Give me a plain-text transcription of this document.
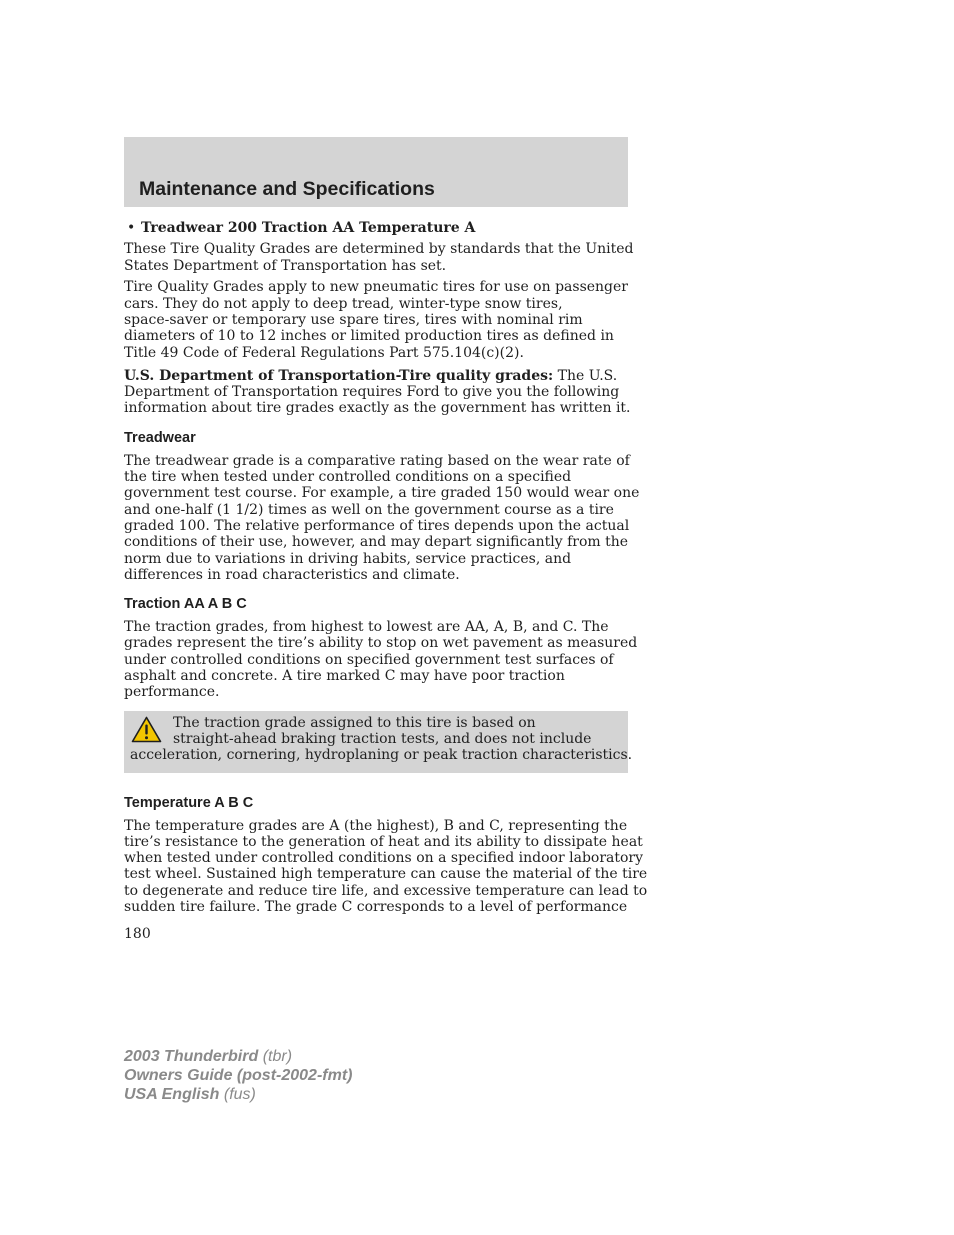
Maintenance and Specifications
• Treadwear 200 Traction AA Temperature A

These Tire Quality Grades are determined by standards that the United
States Department of Transportation has set.

Tire Quality Grades apply to new pneumatic tires for use on passenger
cars. They do not apply to deep tread, winter-type snow tires,
space-saver or temporary use spare tires, tires with nominal rim
diameters of 10 to 12 inches or limited production tires as defined in
Title 49 Code of Federal Regulations Part 575.104(c)(2).

U.S. Department of Transportation-Tire quality grades: The U.S.
Department of Transportation requires Ford to give you the following
information about tire grades exactly as the government has written it.

Treadwear

The treadwear grade is a comparative rating based on the wear rate of
the tire when tested under controlled conditions on a specified
government test course. For example, a tire graded 150 would wear one
and one-half (1 1/2) times as well on the government course as a tire
graded 100. The relative performance of tires depends upon the actual
conditions of their use, however, and may depart significantly from the
norm due to variations in driving habits, service practices, and
differences in road characteristics and climate.

Traction AA A B C

The traction grades, from highest to lowest are AA, A, B, and C. The
grades represent the tire’s ability to stop on wet pavement as measured
under controlled conditions on specified government test surfaces of
asphalt and concrete. A tire marked C may have poor traction
performance.

The traction grade assigned to this tire is based on
straight-ahead braking traction tests, and does not include
acceleration, cornering, hydroplaning or peak traction characteristics.
Temperature A B C

The temperature grades are A (the highest), B and C, representing the
tire’s resistance to the generation of heat and its ability to dissipate heat
when tested under controlled conditions on a specified indoor laboratory
test wheel. Sustained high temperature can cause the material of the tire
to degenerate and reduce tire life, and excessive temperature can lead to
sudden tire failure. The grade C corresponds to a level of performance

180
2003 Thunderbird (tbr)
Owners Guide (post-2002-fmt)
USA English (fus)
